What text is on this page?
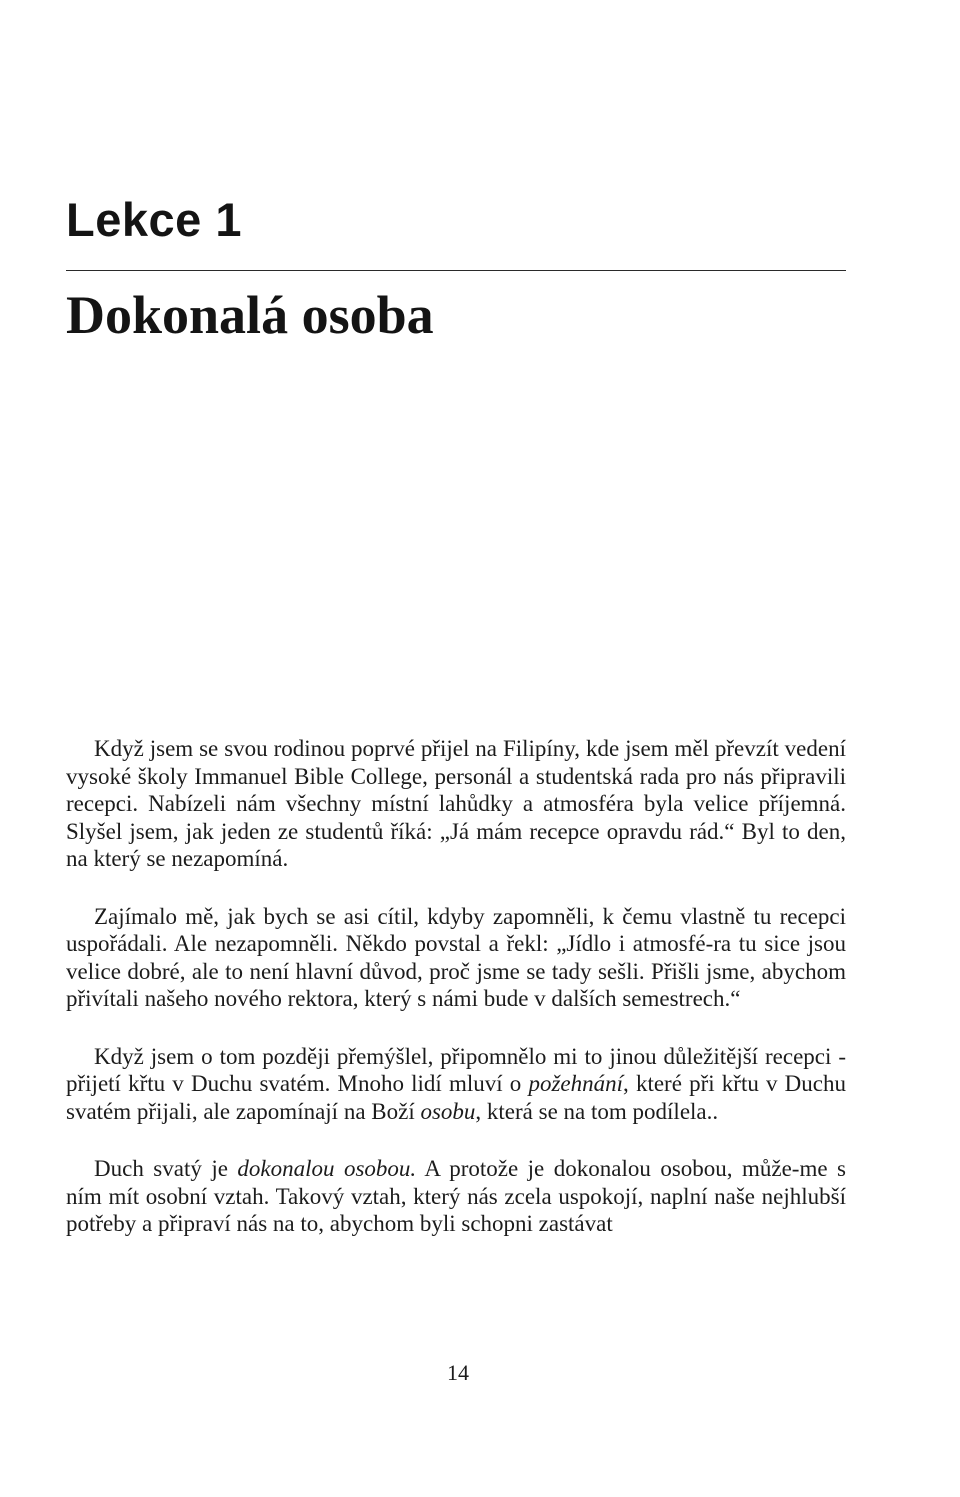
Lekce 1
Dokonalá osoba

Když jsem se svou rodinou poprvé přijel na Filipíny, kde jsem měl převzít vedení vysoké školy Immanuel Bible College, personál a studentská rada pro nás připravili recepci. Nabízeli nám všechny místní lahůdky a atmosféra byla velice příjemná. Slyšel jsem, jak jeden ze studentů říká: „Já mám recepce opravdu rád.“ Byl to den, na který se nezapomíná.

Zajímalo mě, jak bych se asi cítil, kdyby zapomněli, k čemu vlastně tu recepci uspořádali. Ale nezapomněli. Někdo povstal a řekl: „Jídlo i atmosfé-ra tu sice jsou velice dobré, ale to není hlavní důvod, proč jsme se tady sešli. Přišli jsme, abychom přivítali našeho nového rektora, který s námi bude v dalších semestrech.“

Když jsem o tom později přemýšlel, připomnělo mi to jinou důležitější recepci - přijetí křtu v Duchu svatém. Mnoho lidí mluví o požehnání, které při křtu v Duchu svatém přijali, ale zapomínají na Boží osobu, která se na tom podílela..

Duch svatý je dokonalou osobou. A protože je dokonalou osobou, může-me s ním mít osobní vztah. Takový vztah, který nás zcela uspokojí, naplní naše nejhlubší potřeby a připraví nás na to, abychom byli schopni zastávat

14
